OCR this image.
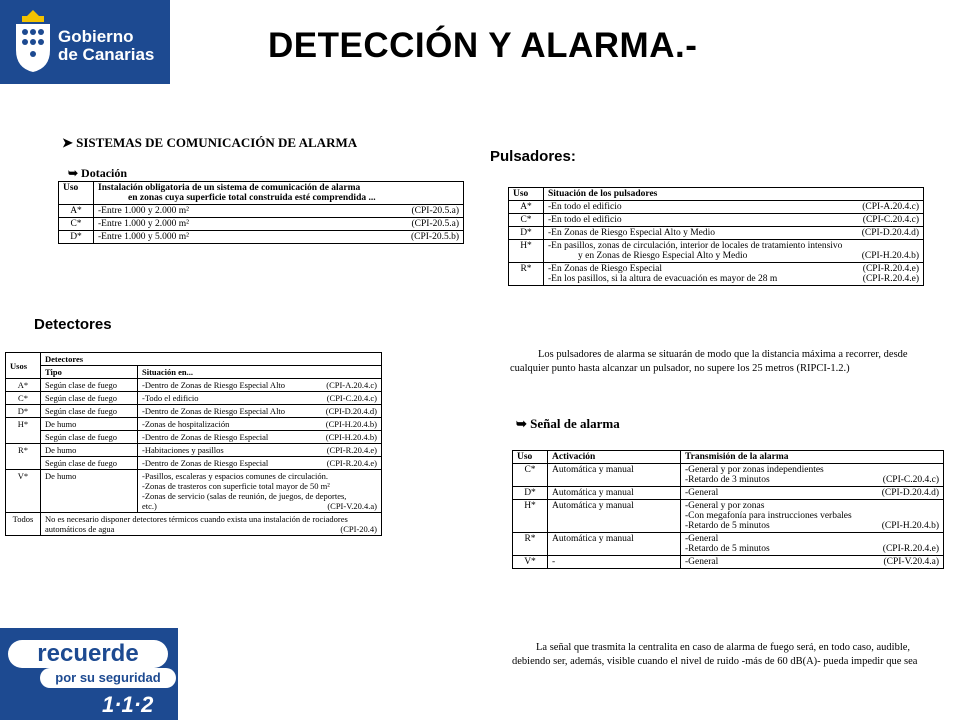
Gobierno
de Canarias	DETECCIÓN Y ALARMA.-
➤ SISTEMAS DE COMUNICACIÓN DE ALARMA
➥ Dotación
Uso	Instalación obligatoria de un sistema de comunicación de alarma
en zonas cuya superficie total construida esté comprendida ...

A*	-Entre 1.000 y 2.000 m² (CPI-20.5.a)

C*	-Entre 1.000 y 2.000 m² (CPI-20.5.a)

D*	-Entre 1.000 y 5.000 m² (CPI-20.5.b)
Pulsadores:
Uso	Situación de los pulsadores
A*	-En todo el edificio (CPI-A.20.4.c)

C*	-En todo el edificio (CPI-C.20.4.c)

D*	-En Zonas de Riesgo Especial Alto y Medio (CPI-D.20.4.d)

H*	-En pasillos, zonas de circulación, interior de locales de tratamiento intensivo
y en Zonas de Riesgo Especial Alto y Medio (CPI-H.20.4.b)

R*	-En Zonas de Riesgo Especial (CPI-R.20.4.e)
-En los pasillos, si la altura de evacuación es mayor de 28 m (CPI-R.20.4.e)
Los pulsadores de alarma se situarán de modo que la distancia máxima a recorrer, desde
cualquier punto hasta alcanzar un pulsador, no supere los 25 metros (RIPCI-1.2.)
Detectores
Usos	Detectores	
	Tipo	Situación en...
A*	Según clase de fuego	-Dentro de Zonas de Riesgo Especial Alto (CPI-A.20.4.c)

C*	Según clase de fuego	-Todo el edificio (CPI-C.20.4.c)

D*	Según clase de fuego	-Dentro de Zonas de Riesgo Especial Alto (CPI-D.20.4.d)

H*	De humo	-Zonas de hospitalización (CPI-H.20.4.b)

	Según clase de fuego	-Dentro de Zonas de Riesgo Especial (CPI-H.20.4.b)

R*	De humo	-Habitaciones y pasillos (CPI-R.20.4.e)

	Según clase de fuego	-Dentro de Zonas de Riesgo Especial (CPI-R.20.4.e)

V*	De humo	-Pasillos, escaleras y espacios comunes de circulación.
-Zonas de trasteros con superficie total mayor de 50 m²
-Zonas de servicio (salas de reunión, de juegos, de deportes,
etc.) (CPI-V.20.4.a)

Todos	No es necesario disponer detectores térmicos cuando exista una instalación de rociadores
automáticos de agua (CPI-20.4)	
➥ Señal de alarma
Uso	Activación	Transmisión de la alarma
C*	Automática y manual	-General y por zonas independientes
-Retardo de 3 minutos (CPI-C.20.4.c)

D*	Automática y manual	-General (CPI-D.20.4.d)

H*	Automática y manual	-General y por zonas
-Con megafonía para instrucciones verbales
-Retardo de 5 minutos (CPI-H.20.4.b)

R*	Automática y manual	-General
-Retardo de 5 minutos (CPI-R.20.4.e)

V*	-	-General (CPI-V.20.4.a)
La señal que trasmita la centralita en caso de alarma de fuego será, en todo caso, audible,
debiendo ser, además, visible cuando el nivel de ruido -más de 60 dB(A)- pueda impedir que sea
recuerde
por su seguridad
1·1·2
